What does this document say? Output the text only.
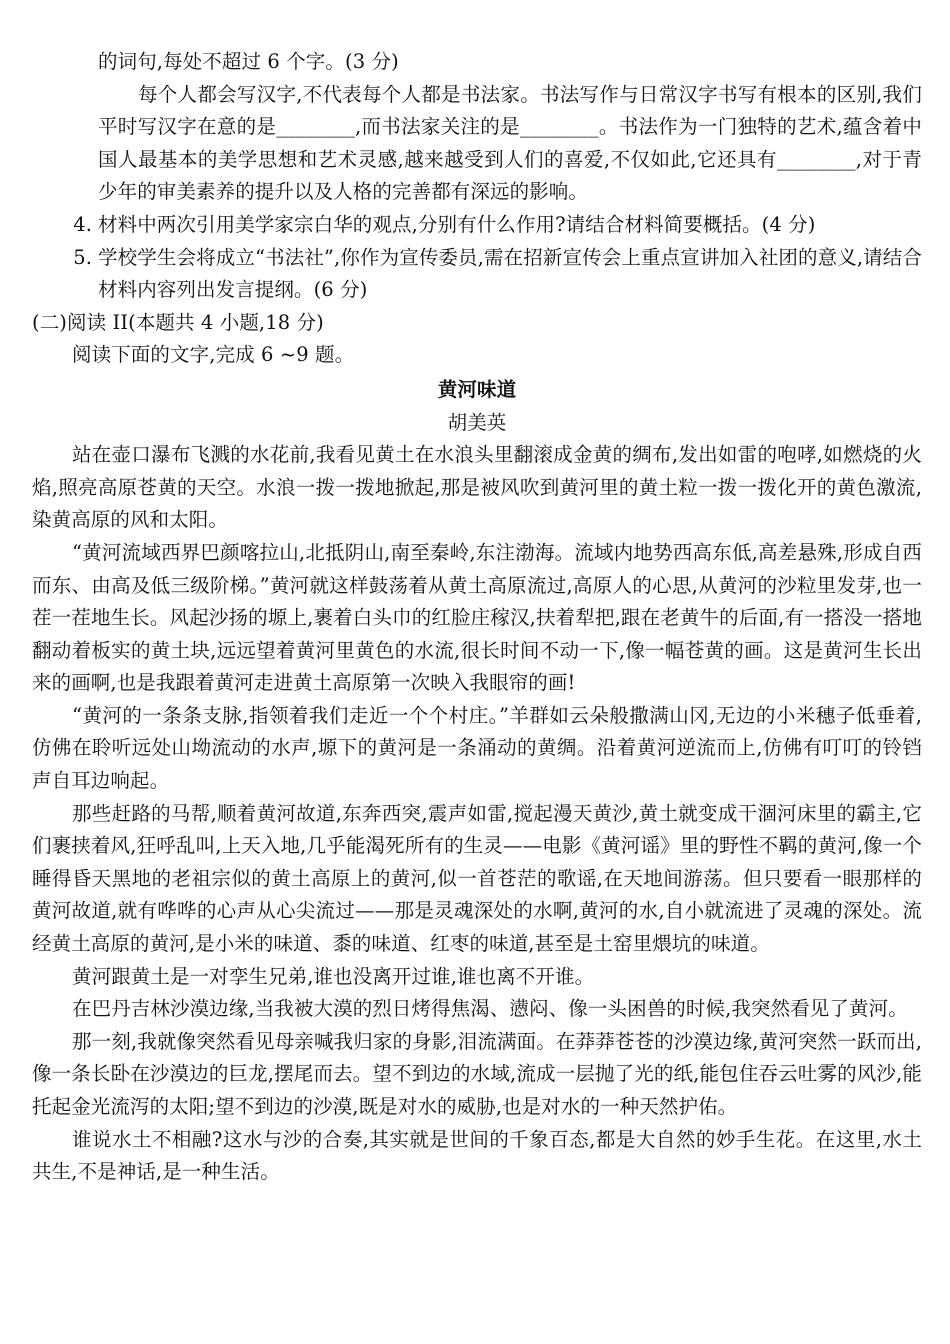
的词句,每处不超过 6 个字。(3 分)

每个人都会写汉字,不代表每个人都是书法家。书法写作与日常汉字书写有根本的区别,我们平时写汉字在意的是________,而书法家关注的是________。书法作为一门独特的艺术,蕴含着中国人最基本的美学思想和艺术灵感,越来越受到人们的喜爱,不仅如此,它还具有________,对于青少年的审美素养的提升以及人格的完善都有深远的影响。

4. 材料中两次引用美学家宗白华的观点,分别有什么作用?请结合材料简要概括。(4 分)
5. 学校学生会将成立“书法社”,你作为宣传委员,需在招新宣传会上重点宣讲加入社团的意义,请结合材料内容列出发言提纲。(6 分)

(二)阅读 II(本题共 4 小题,18 分)

阅读下面的文字,完成 6 ~9 题。

黄河味道

胡美英

站在壶口瀑布飞溅的水花前,我看见黄土在水浪头里翻滚成金黄的绸布,发出如雷的咆哮,如燃烧的火焰,照亮高原苍黄的天空。水浪一拨一拨地掀起,那是被风吹到黄河里的黄土粒一拨一拨化开的黄色激流,染黄高原的风和太阳。

“黄河流域西界巴颜喀拉山,北抵阴山,南至秦岭,东注渤海。流域内地势西高东低,高差悬殊,形成自西而东、由高及低三级阶梯。”黄河就这样鼓荡着从黄土高原流过,高原人的心思,从黄河的沙粒里发芽,也一茬一茬地生长。风起沙扬的塬上,裹着白头巾的红脸庄稼汉,扶着犁把,跟在老黄牛的后面,有一搭没一搭地翻动着板实的黄土块,远远望着黄河里黄色的水流,很长时间不动一下,像一幅苍黄的画。这是黄河生长出来的画啊,也是我跟着黄河走进黄土高原第一次映入我眼帘的画!

“黄河的一条条支脉,指领着我们走近一个个村庄。”羊群如云朵般撒满山冈,无边的小米穗子低垂着,仿佛在聆听远处山坳流动的水声,塬下的黄河是一条涌动的黄绸。沿着黄河逆流而上,仿佛有叮叮的铃铛声自耳边响起。

那些赶路的马帮,顺着黄河故道,东奔西突,震声如雷,搅起漫天黄沙,黄土就变成干涸河床里的霸主,它们裹挟着风,狂呼乱叫,上天入地,几乎能渴死所有的生灵——电影《黄河谣》里的野性不羁的黄河,像一个睡得昏天黑地的老祖宗似的黄土高原上的黄河,似一首苍茫的歌谣,在天地间游荡。但只要看一眼那样的黄河故道,就有哗哗的心声从心尖流过——那是灵魂深处的水啊,黄河的水,自小就流进了灵魂的深处。流经黄土高原的黄河,是小米的味道、黍的味道、红枣的味道,甚至是土窑里煨坑的味道。

黄河跟黄土是一对孪生兄弟,谁也没离开过谁,谁也离不开谁。

在巴丹吉林沙漠边缘,当我被大漠的烈日烤得焦渴、懑闷、像一头困兽的时候,我突然看见了黄河。

那一刻,我就像突然看见母亲喊我归家的身影,泪流满面。在莽莽苍苍的沙漠边缘,黄河突然一跃而出,像一条长卧在沙漠边的巨龙,摆尾而去。望不到边的水域,流成一层抛了光的纸,能包住吞云吐雾的风沙,能托起金光流泻的太阳;望不到边的沙漠,既是对水的威胁,也是对水的一种天然护佑。

谁说水土不相融?这水与沙的合奏,其实就是世间的千象百态,都是大自然的妙手生花。在这里,水土共生,不是神话,是一种生活。
